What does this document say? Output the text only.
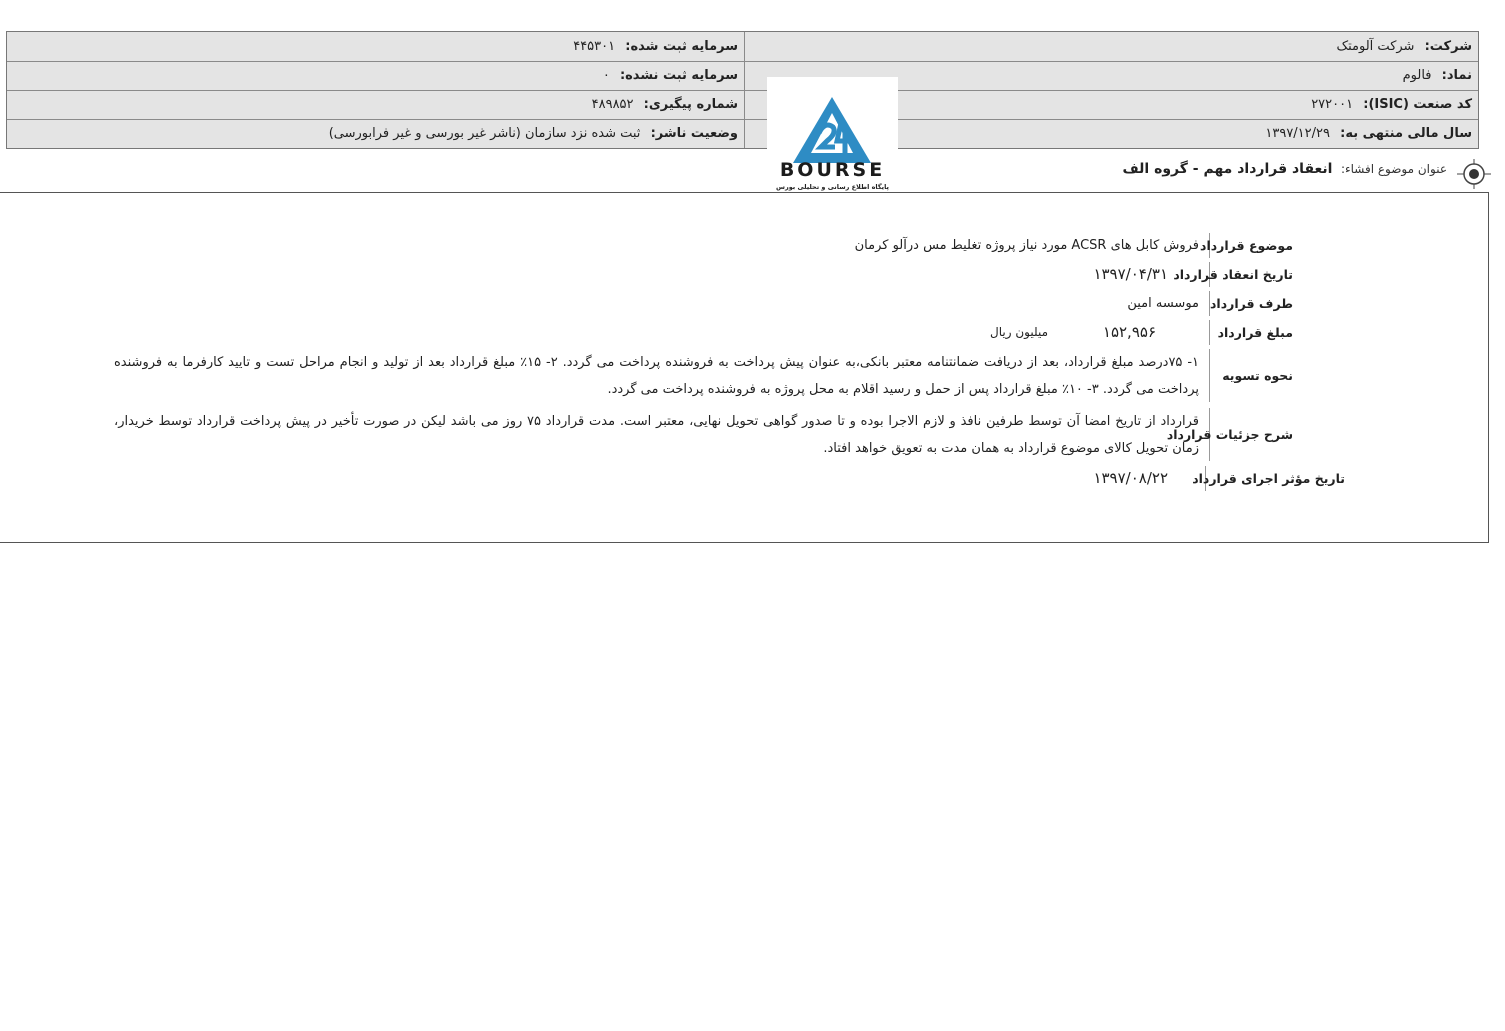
شرکت: شرکت آلومتک
سرمایه ثبت شده: ۴۴۵۳۰۱
نماد: فالوم
سرمایه ثبت نشده: ۰
کد صنعت (ISIC): ۲۷۲۰۰۱
شماره پیگیری: ۴۸۹۸۵۲
سال مالی منتهی به: ۱۳۹۷/۱۲/۲۹
وضعیت ناشر: ثبت شده نزد سازمان (ناشر غیر بورسی و غیر فرابورسی)
BOURSE
پایگاه اطلاع رسانی و تحلیلی بورس
عنوان موضوع افشاء: انعقاد قرارداد مهم - گروه الف
موضوع قرارداد
فروش کابل های ACSR مورد نیاز پروژه تغلیط مس درآلو کرمان
تاریخ انعقاد قرارداد
۱۳۹۷/۰۴/۳۱
طرف قرارداد
موسسه امین
مبلغ قرارداد
۱۵۲,۹۵۶
میلیون ریال
نحوه تسویه
۱- ۷۵درصد مبلغ قرارداد، بعد از دریافت ضمانتنامه معتبر بانکی،به عنوان پیش پرداخت به فروشنده پرداخت می گردد. ۲- ۱۵٪ مبلغ قرارداد بعد از تولید و انجام مراحل تست و تایید کارفرما به فروشنده پرداخت می گردد. ۳- ۱۰٪ مبلغ قرارداد پس از حمل و رسید اقلام به محل پروژه به فروشنده پرداخت می گردد.
شرح جزئیات قرارداد
قرارداد از تاریخ امضا آن توسط طرفین نافذ و لازم الاجرا بوده و تا صدور گواهی تحویل نهایی، معتبر است. مدت قرارداد ۷۵ روز می باشد لیکن در صورت تأخیر در پیش پرداخت قرارداد توسط خریدار، زمان تحویل کالای موضوع قرارداد به همان مدت به تعویق خواهد افتاد.
تاریخ مؤثر اجرای قرارداد
۱۳۹۷/۰۸/۲۲
